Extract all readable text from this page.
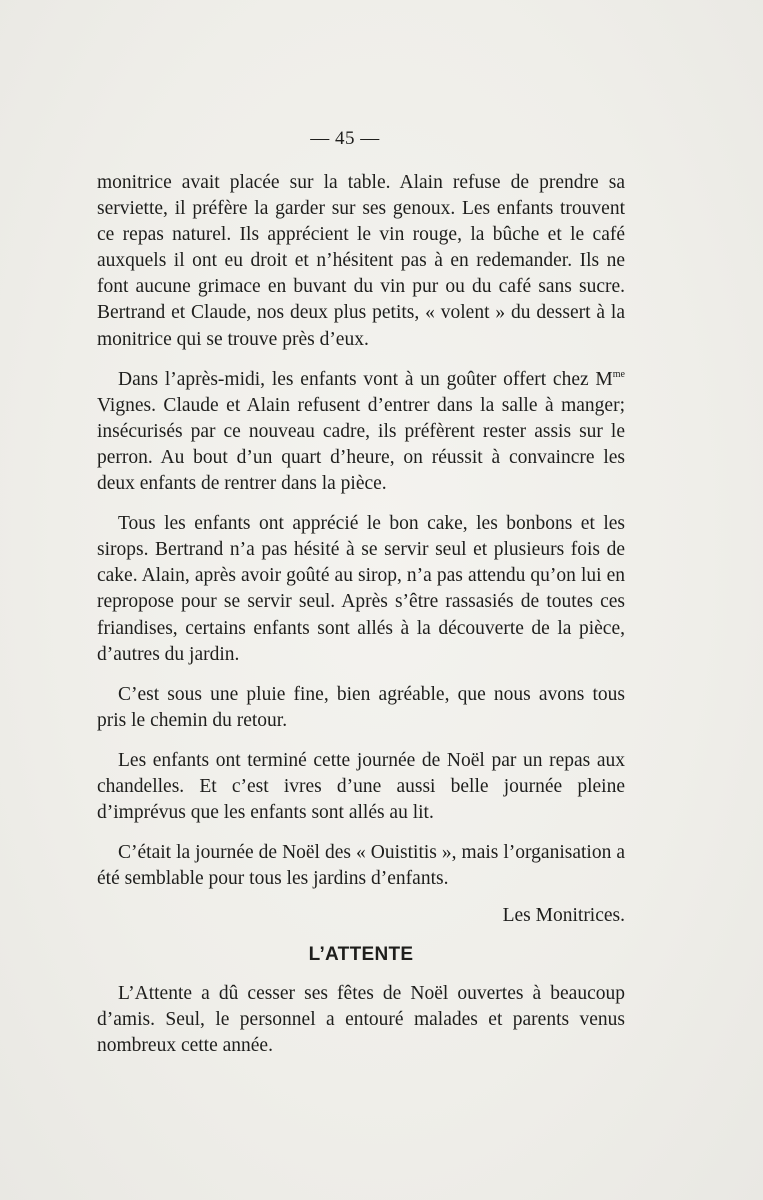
— 45 —

monitrice avait placée sur la table. Alain refuse de prendre sa serviette, il préfère la garder sur ses genoux. Les enfants trouvent ce repas naturel. Ils apprécient le vin rouge, la bûche et le café auxquels il ont eu droit et n’hésitent pas à en redemander. Ils ne font aucune grimace en buvant du vin pur ou du café sans sucre. Bertrand et Claude, nos deux plus petits, « volent » du dessert à la monitrice qui se trouve près d’eux.

Dans l’après-midi, les enfants vont à un goûter offert chez $M^{me}$ Vignes. Claude et Alain refusent d’entrer dans la salle à manger; insécurisés par ce nouveau cadre, ils préfèrent rester assis sur le perron. Au bout d’un quart d’heure, on réussit à convaincre les deux enfants de rentrer dans la pièce.

Tous les enfants ont apprécié le bon cake, les bonbons et les sirops. Bertrand n’a pas hésité à se servir seul et plusieurs fois de cake. Alain, après avoir goûté au sirop, n’a pas attendu qu’on lui en repropose pour se servir seul. Après s’être rassasiés de toutes ces friandises, certains enfants sont allés à la découverte de la pièce, d’autres du jardin.

C’est sous une pluie fine, bien agréable, que nous avons tous pris le chemin du retour.

Les enfants ont terminé cette journée de Noël par un repas aux chandelles. Et c’est ivres d’une aussi belle journée pleine d’imprévus que les enfants sont allés au lit.

C’était la journée de Noël des « Ouistitis », mais l’organisation a été semblable pour tous les jardins d’enfants.

Les Monitrices.
L’ATTENTE

L’Attente a dû cesser ses fêtes de Noël ouvertes à beaucoup d’amis. Seul, le personnel a entouré malades et parents venus nombreux cette année.
